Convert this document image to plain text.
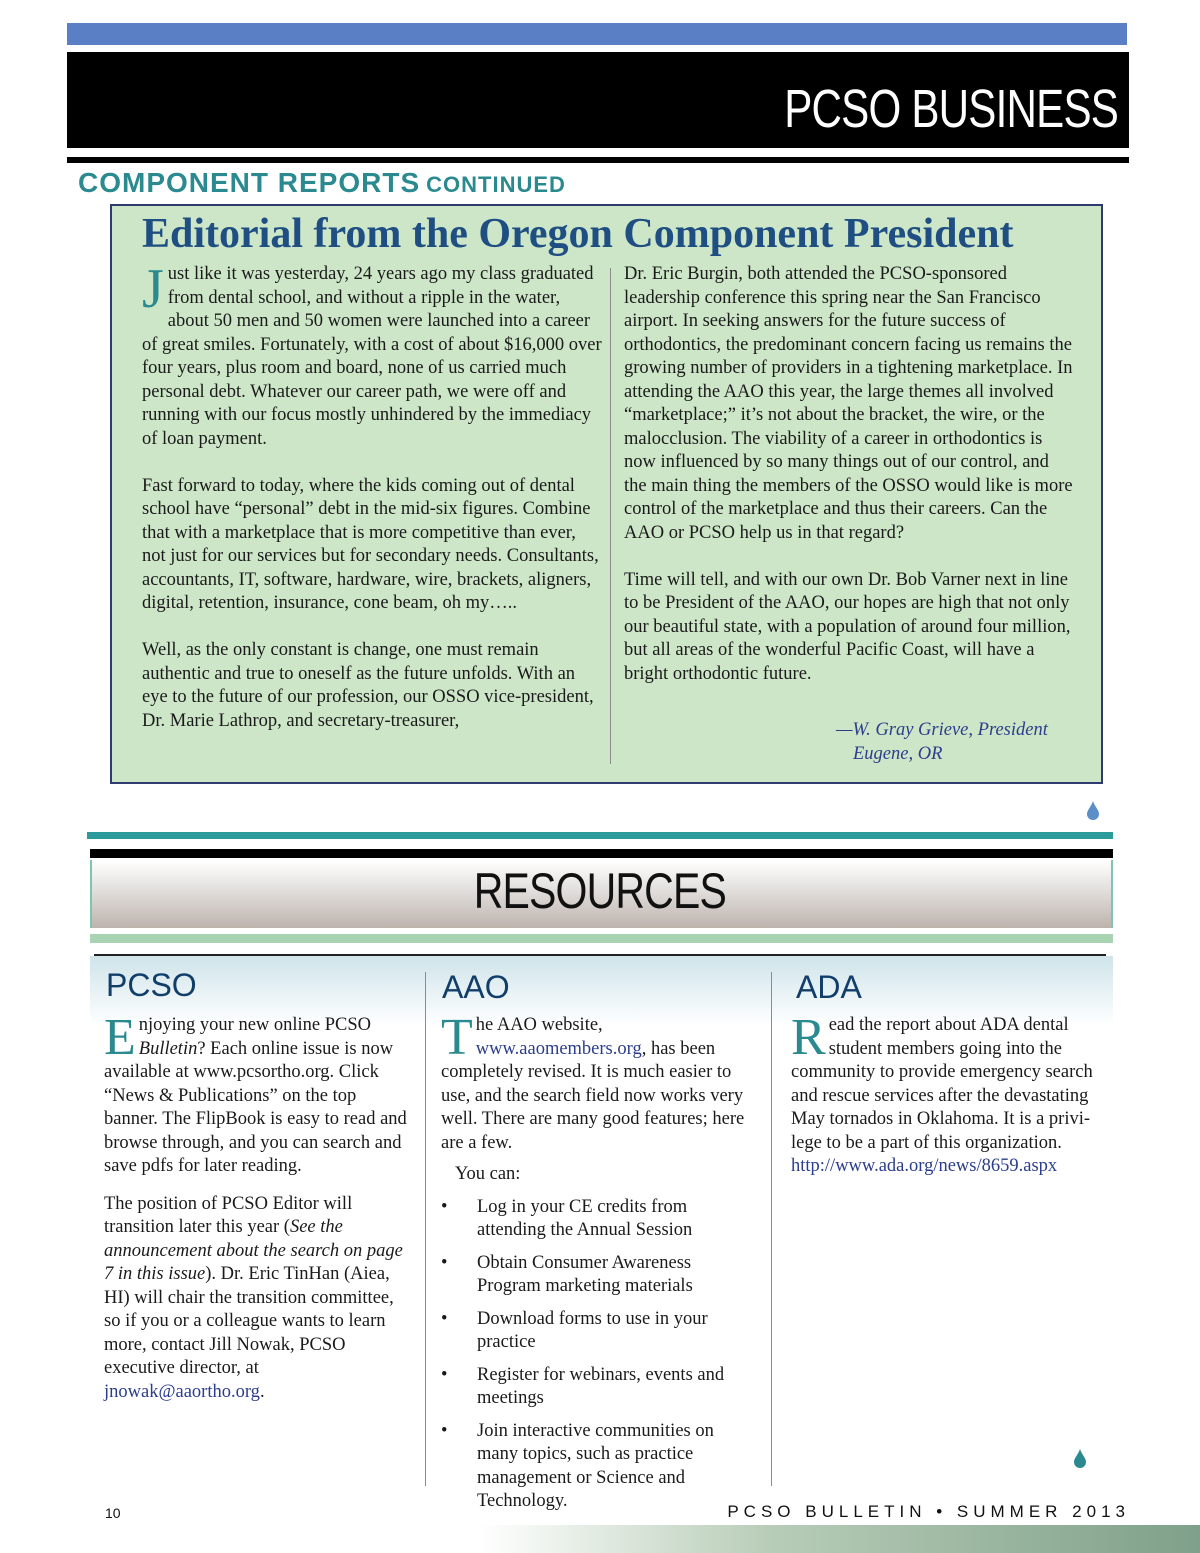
PCSO BUSINESS
COMPONENT REPORTS CONTINUED
Editorial from the Oregon Component President

Just like it was yesterday, 24 years ago my class graduated from dental school, and without a ripple in the water, about 50 men and 50 women were launched into a career of great smiles. Fortunately, with a cost of about $16,000 over four years, plus room and board, none of us carried much personal debt. Whatever our career path, we were off and running with our focus mostly unhindered by the immediacy of loan payment.

Fast forward to today, where the kids coming out of dental school have “personal” debt in the mid-six figures. Combine that with a marketplace that is more competitive than ever, not just for our services but for secondary needs. Consultants, accountants, IT, software, hardware, wire, brackets, aligners, digital, retention, insurance, cone beam, oh my…..

Well, as the only constant is change, one must remain authentic and true to oneself as the future unfolds. With an eye to the future of our profession, our OSSO vice-president, Dr. Marie Lathrop, and secretary-treasurer,

Dr. Eric Burgin, both attended the PCSO-sponsored leadership conference this spring near the San Francisco airport. In seeking answers for the future success of orthodontics, the predominant concern facing us remains the growing number of providers in a tightening marketplace. In attending the AAO this year, the large themes all involved “marketplace;” it’s not about the bracket, the wire, or the malocclusion. The viability of a career in orthodontics is now influenced by so many things out of our control, and the main thing the members of the OSSO would like is more control of the marketplace and thus their careers. Can the AAO or PCSO help us in that regard?

Time will tell, and with our own Dr. Bob Varner next in line to be President of the AAO, our hopes are high that not only our beautiful state, with a population of around four million, but all areas of the wonderful Pacific Coast, will have a bright orthodontic future.

—W. Gray Grieve, President
Eugene, OR
RESOURCES
PCSO	AAO	ADA

Enjoying your new online PCSO Bulletin? Each online issue is now available at www.pcsortho.org. Click “News & Publications” on the top banner. The FlipBook is easy to read and browse through, and you can search and save pdfs for later reading.

The position of PCSO Editor will transition later this year (See the announcement about the search on page 7 in this issue). Dr. Eric TinHan (Aiea, HI) will chair the transition committee, so if you or a colleague wants to learn more, contact Jill Nowak, PCSO executive director, at jnowak@aaortho.org.

The AAO website, www.aaomembers.org, has been completely revised. It is much easier to use, and the search field now works very well. There are many good features; here are a few.

You can:
• Log in your CE credits from attending the Annual Session
• Obtain Consumer Awareness Program marketing materials
• Download forms to use in your practice
• Register for webinars, events and meetings
• Join interactive communities on many topics, such as practice management or Science and Technology.

Read the report about ADA dental student members going into the community to provide emergency search and rescue services after the devastating May tornados in Oklahoma. It is a privi-lege to be a part of this organization.

http://www.ada.org/news/8659.aspx
10	PCSO BULLETIN • SUMMER 2013
